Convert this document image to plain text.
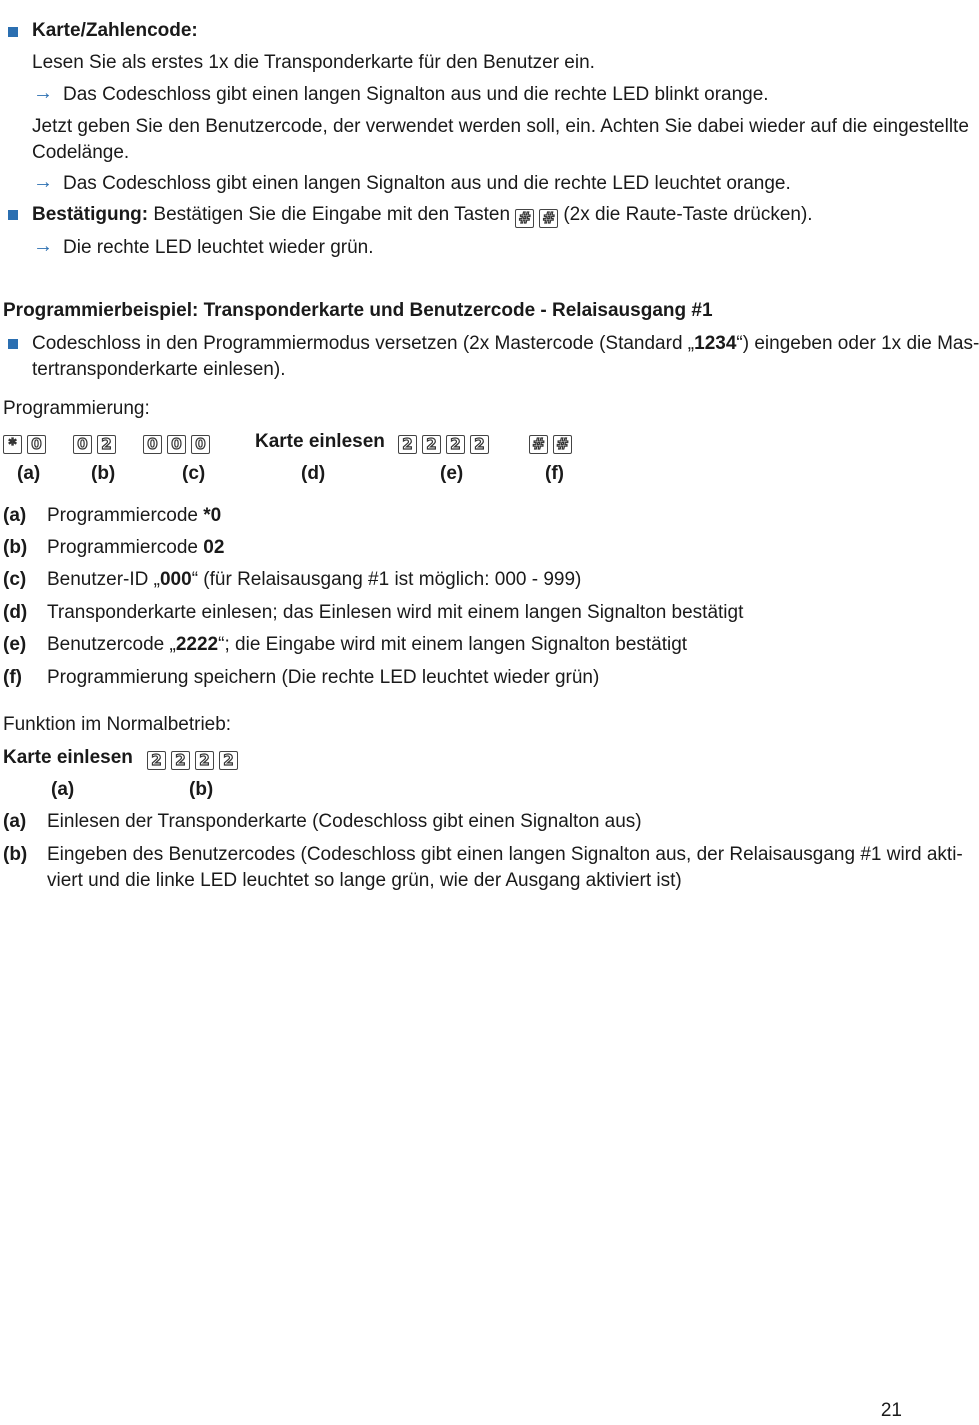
Karte/Zahlencode:
Lesen Sie als erstes 1x die Transponderkarte für den Benutzer ein.
→ Das Codeschloss gibt einen langen Signalton aus und die rechte LED blinkt orange.
Jetzt geben Sie den Benutzercode, der verwendet werden soll, ein. Achten Sie dabei wieder auf die eingestellte
Codelänge.
→ Das Codeschloss gibt einen langen Signalton aus und die rechte LED leuchtet orange.
Bestätigung: Bestätigen Sie die Eingabe mit den Tasten # # (2x die Raute-Taste drücken).
→ Die rechte LED leuchtet wieder grün.
Programmierbeispiel: Transponderkarte und Benutzercode - Relaisausgang #1
Codeschloss in den Programmiermodus versetzen (2x Mastercode (Standard „1234“) eingeben oder 1x die Mas-
tertransponderkarte einlesen).
Programmierung:
* 0 0 2 0 0 0	Karte einlesen 2 2 2 2	# #
(a)	(b)	(c)	(d)	(e)	(f)
(a) Programmiercode *0
(b) Programmiercode 02
(c) Benutzer-ID „000“ (für Relaisausgang #1 ist möglich: 000 - 999)
(d) Transponderkarte einlesen; das Einlesen wird mit einem langen Signalton bestätigt
(e) Benutzercode „2222“; die Eingabe wird mit einem langen Signalton bestätigt
(f) Programmierung speichern (Die rechte LED leuchtet wieder grün)
Funktion im Normalbetrieb:
Karte einlesen 2 2 2 2
(a)	(b)
(a) Einlesen der Transponderkarte (Codeschloss gibt einen Signalton aus)
(b) Eingeben des Benutzercodes (Codeschloss gibt einen langen Signalton aus, der Relaisausgang #1 wird akti-
viert und die linke LED leuchtet so lange grün, wie der Ausgang aktiviert ist)
21
